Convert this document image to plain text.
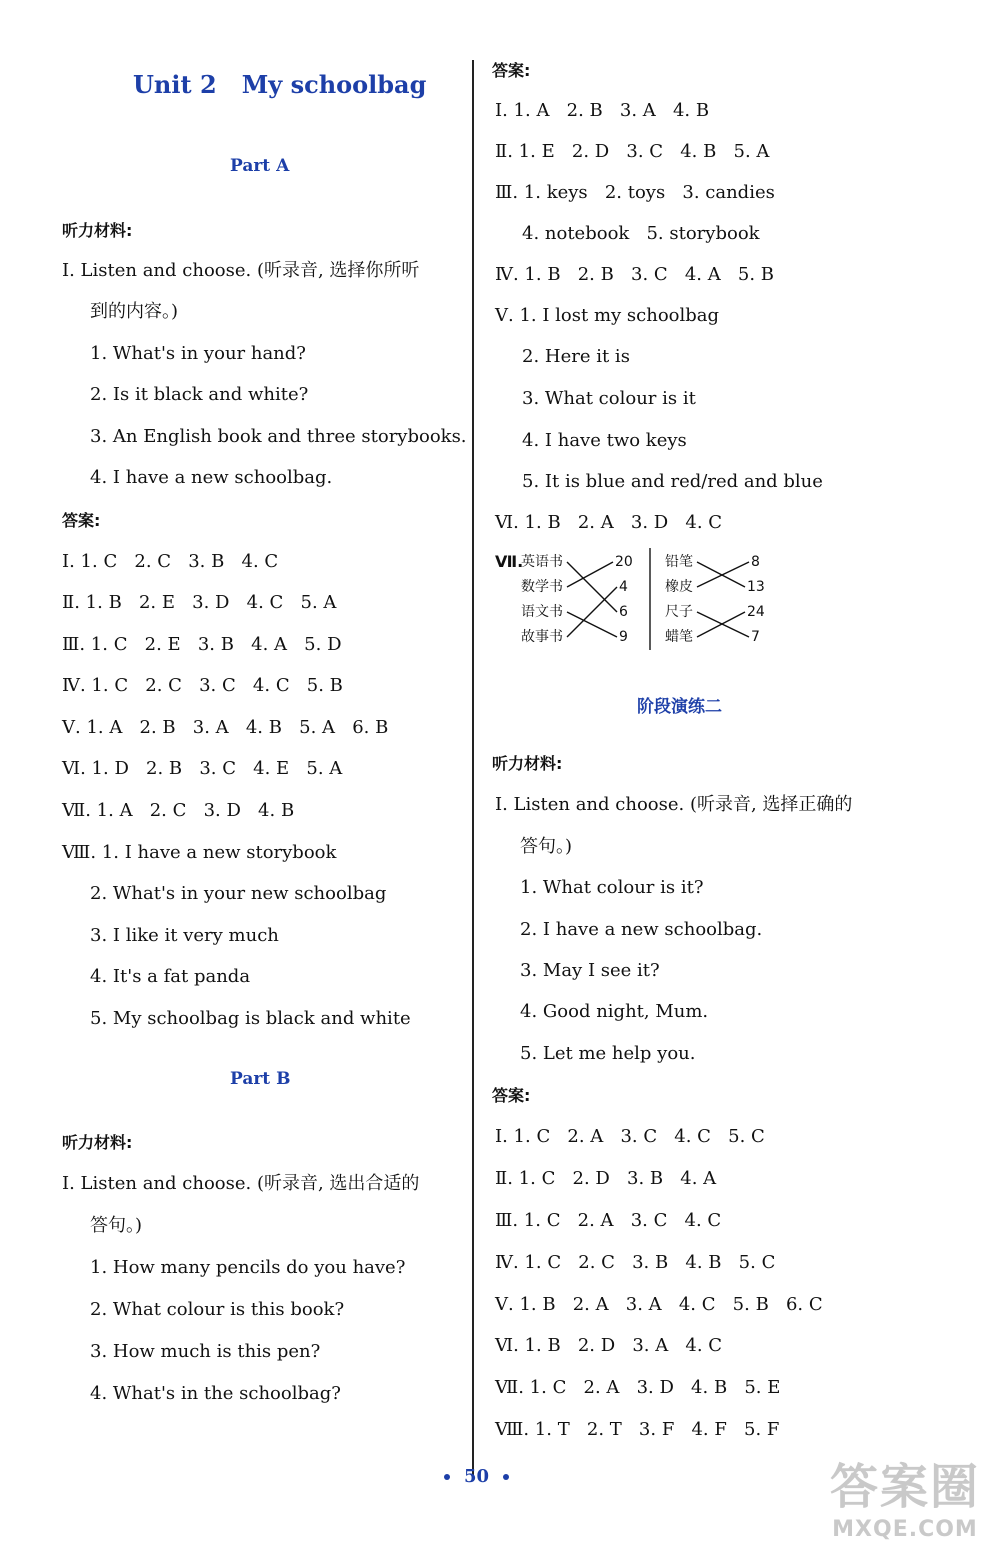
Unit 2   My schoolbag
Part A
听力材料:
Ⅰ. Listen and choose. (听录音, 选择你所听
到的内容。)
1. What's in your hand?
2. Is it black and white?
3. An English book and three storybooks.
4. I have a new schoolbag.
答案:
Ⅰ. 1. C   2. C   3. B   4. C
Ⅱ. 1. B   2. E   3. D   4. C   5. A
Ⅲ. 1. C   2. E   3. B   4. A   5. D
Ⅳ. 1. C   2. C   3. C   4. C   5. B
Ⅴ. 1. A   2. B   3. A   4. B   5. A   6. B
Ⅵ. 1. D   2. B   3. C   4. E   5. A
Ⅶ. 1. A   2. C   3. D   4. B
Ⅷ. 1. I have a new storybook
2. What's in your new schoolbag
3. I like it very much
4. It's a fat panda
5. My schoolbag is black and white
Part B
听力材料:
Ⅰ. Listen and choose. (听录音, 选出合适的
答句。)
1. How many pencils do you have?
2. What colour is this book?
3. How much is this pen?
4. What's in the schoolbag?
答案:
Ⅰ. 1. A   2. B   3. A   4. B
Ⅱ. 1. E   2. D   3. C   4. B   5. A
Ⅲ. 1. keys   2. toys   3. candies
4. notebook   5. storybook
Ⅳ. 1. B   2. B   3. C   4. A   5. B
Ⅴ. 1. I lost my schoolbag
2. Here it is
3. What colour is it
4. I have two keys
5. It is blue and red/red and blue
Ⅵ. 1. B   2. A   3. D   4. C
Ⅶ.
英语书
数学书
语文书
故事书
20
4
6
9
铅笔
橡皮
尺子
蜡笔
8
13
24
7
阶段演练二
听力材料:
Ⅰ. Listen and choose. (听录音, 选择正确的
答句。)
1. What colour is it?
2. I have a new schoolbag.
3. May I see it?
4. Good night, Mum.
5. Let me help you.
答案:
Ⅰ. 1. C   2. A   3. C   4. C   5. C
Ⅱ. 1. C   2. D   3. B   4. A
Ⅲ. 1. C   2. A   3. C   4. C
Ⅳ. 1. C   2. C   3. B   4. B   5. C
Ⅴ. 1. B   2. A   3. A   4. C   5. B   6. C
Ⅵ. 1. B   2. D   3. A   4. C
Ⅶ. 1. C   2. A   3. D   4. B   5. E
Ⅷ. 1. T   2. T   3. F   4. F   5. F
50	答案圈
MXQE.COM
